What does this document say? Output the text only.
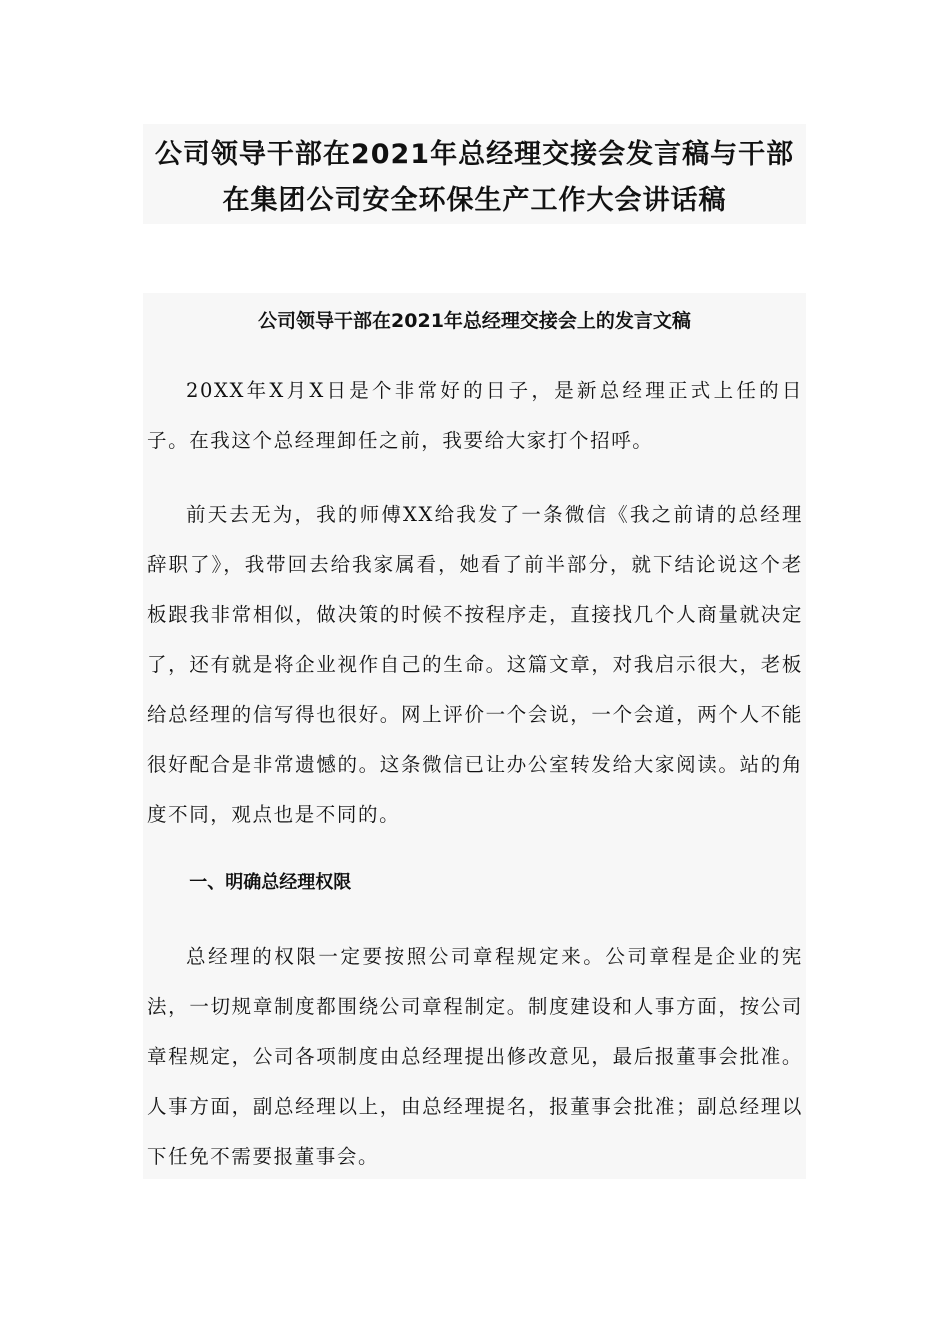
公司领导干部在2021年总经理交接会发言稿与干部
在集团公司安全环保生产工作大会讲话稿
公司领导干部在2021年总经理交接会上的发言文稿

20XX年X月X日是个非常好的日子，是新总经理正式上任的日子。在我这个总经理卸任之前，我要给大家打个招呼。

前天去无为，我的师傅XX给我发了一条微信《我之前请的总经理辞职了》，我带回去给我家属看，她看了前半部分，就下结论说这个老板跟我非常相似，做决策的时候不按程序走，直接找几个人商量就决定了，还有就是将企业视作自己的生命。这篇文章，对我启示很大，老板给总经理的信写得也很好。网上评价一个会说，一个会道，两个人不能很好配合是非常遗憾的。这条微信已让办公室转发给大家阅读。站的角度不同，观点也是不同的。

一、明确总经理权限

总经理的权限一定要按照公司章程规定来。公司章程是企业的宪法，一切规章制度都围绕公司章程制定。制度建设和人事方面，按公司章程规定，公司各项制度由总经理提出修改意见，最后报董事会批准。人事方面，副总经理以上，由总经理提名，报董事会批准；副总经理以下任免不需要报董事会。
